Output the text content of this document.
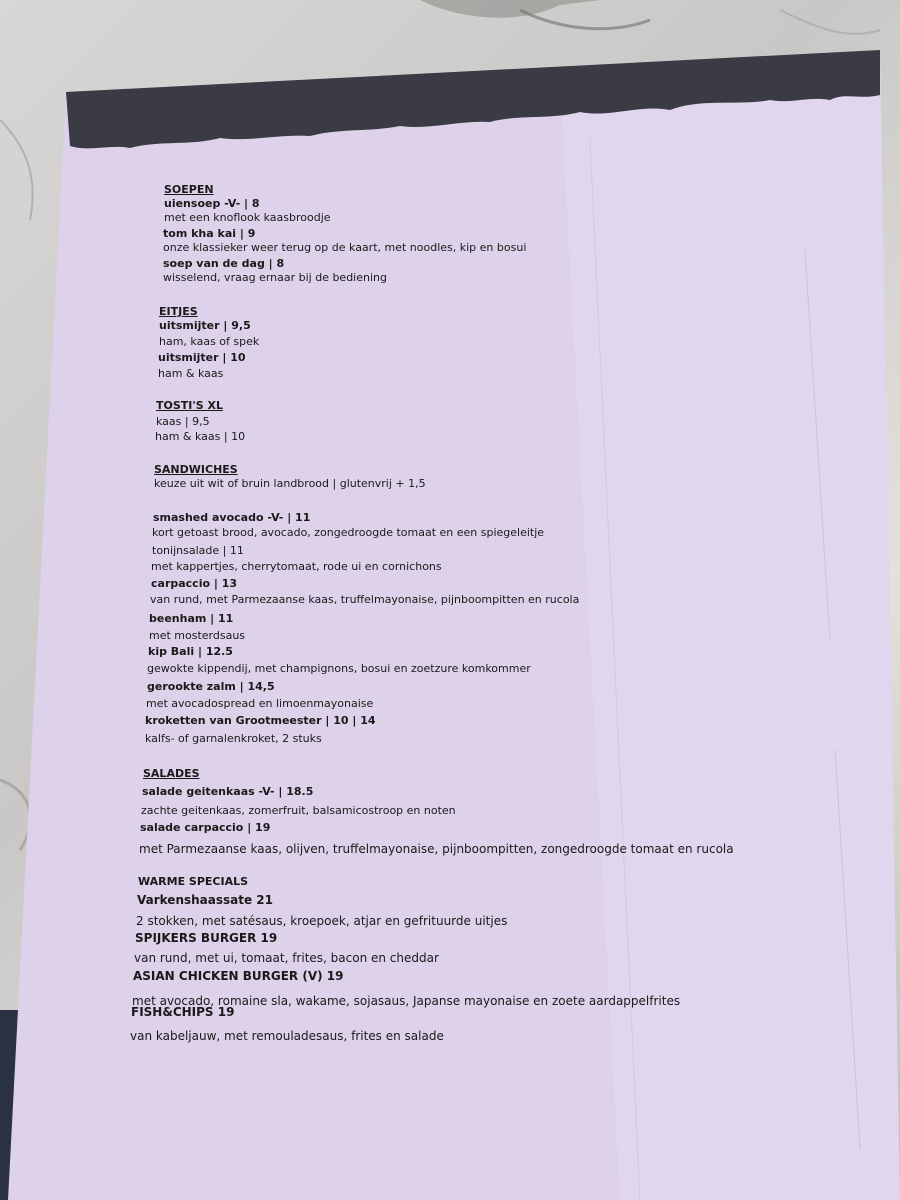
SOEPEN
uiensoep -V- | 8
met een knoflook kaasbroodje
tom kha kai | 9
onze klassieker weer terug op de kaart, met noodles, kip en bosui
soep van de dag | 8
wisselend, vraag ernaar bij de bediening
EITJES
uitsmijter | 9,5
ham, kaas of spek
uitsmijter | 10
ham & kaas
TOSTI'S XL
kaas | 9,5
ham & kaas | 10
SANDWICHES
keuze uit wit of bruin landbrood | glutenvrij + 1,5
smashed avocado -V- | 11
kort getoast brood, avocado, zongedroogde tomaat en een spiegeleitje
tonijnsalade | 11
met kappertjes, cherrytomaat, rode ui en cornichons
carpaccio | 13
van rund, met Parmezaanse kaas, truffelmayonaise, pijnboompitten en rucola
beenham | 11
met mosterdsaus
kip Bali | 12.5
gewokte kippendij, met champignons, bosui en zoetzure komkommer
gerookte zalm | 14,5
met avocadospread en limoenmayonaise
kroketten van Grootmeester | 10 | 14
kalfs- of garnalenkroket, 2 stuks
SALADES
salade geitenkaas -V- | 18.5
zachte geitenkaas, zomerfruit, balsamicostroop en noten
salade carpaccio | 19
met Parmezaanse kaas, olijven, truffelmayonaise, pijnboompitten, zongedroogde tomaat en rucola
WARME SPECIALS
Varkenshaassate 21
2 stokken, met satésaus, kroepoek, atjar en gefrituurde uitjes
SPIJKERS BURGER 19
van rund, met ui, tomaat, frites, bacon en cheddar
ASIAN CHICKEN BURGER (V) 19
met avocado, romaine sla, wakame, sojasaus, Japanse mayonaise en zoete aardappelfrites
FISH&CHIPS 19
van kabeljauw, met remouladesaus, frites en salade
